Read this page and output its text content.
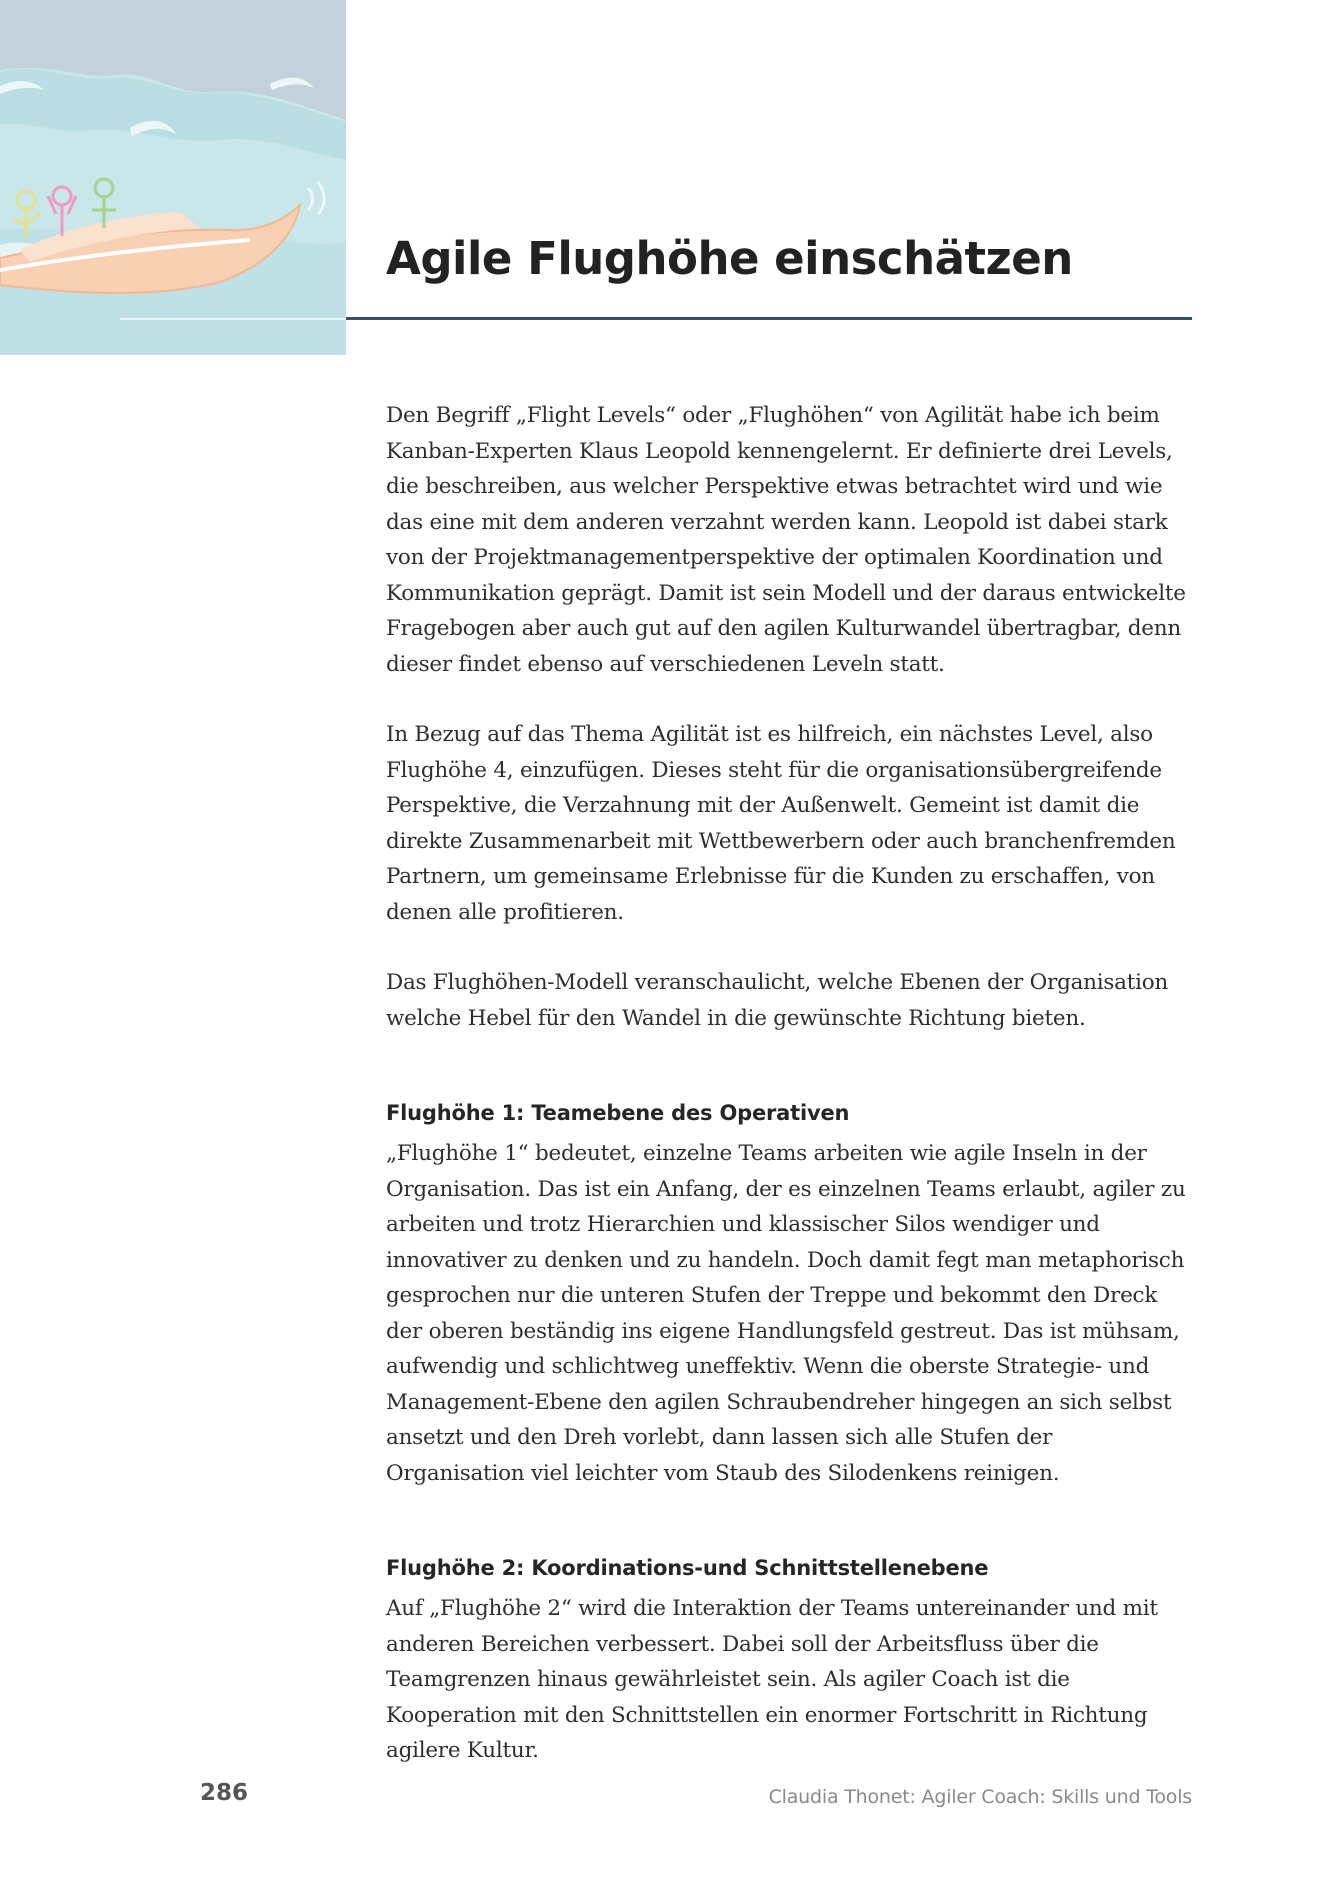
Agile Flughöhe einschätzen

Den Begriff „Flight Levels“ oder „Flughöhen“ von Agilität habe ich beim Kanban-Experten Klaus Leopold kennengelernt. Er definierte drei Levels, die beschreiben, aus welcher Perspektive etwas betrachtet wird und wie das eine mit dem anderen verzahnt werden kann. Leopold ist dabei stark von der Projektmanagementperspektive der optimalen Koordination und Kommunikation geprägt. Damit ist sein Modell und der daraus entwickelte Fragebogen aber auch gut auf den agilen Kulturwandel übertragbar, denn dieser findet ebenso auf verschiedenen Leveln statt.

In Bezug auf das Thema Agilität ist es hilfreich, ein nächstes Level, also Flughöhe 4, einzufügen. Dieses steht für die organisationsübergreifende Perspektive, die Verzahnung mit der Außenwelt. Gemeint ist damit die direkte Zusammenarbeit mit Wettbewerbern oder auch branchenfremden Partnern, um gemeinsame Erlebnisse für die Kunden zu erschaffen, von denen alle profitieren.

Das Flughöhen-Modell veranschaulicht, welche Ebenen der Organisation welche Hebel für den Wandel in die gewünschte Richtung bieten.

Flughöhe 1: Teamebene des Operativen

„Flughöhe 1“ bedeutet, einzelne Teams arbeiten wie agile Inseln in der Organisation. Das ist ein Anfang, der es einzelnen Teams erlaubt, agiler zu arbeiten und trotz Hierarchien und klassischer Silos wendiger und innovativer zu denken und zu handeln. Doch damit fegt man metaphorisch gesprochen nur die unteren Stufen der Treppe und bekommt den Dreck der oberen beständig ins eigene Handlungsfeld gestreut. Das ist mühsam, aufwendig und schlichtweg uneffektiv. Wenn die oberste Strategie- und Management-Ebene den agilen Schraubendreher hingegen an sich selbst ansetzt und den Dreh vorlebt, dann lassen sich alle Stufen der Organisation viel leichter vom Staub des Silodenkens reinigen.

Flughöhe 2: Koordinations-und Schnittstellenebene

Auf „Flughöhe 2“ wird die Interaktion der Teams untereinander und mit anderen Bereichen verbessert. Dabei soll der Arbeitsfluss über die Teamgrenzen hinaus gewährleistet sein. Als agiler Coach ist die Kooperation mit den Schnittstellen ein enormer Fortschritt in Richtung agilere Kultur.

286	Claudia Thonet: Agiler Coach: Skills und Tools
